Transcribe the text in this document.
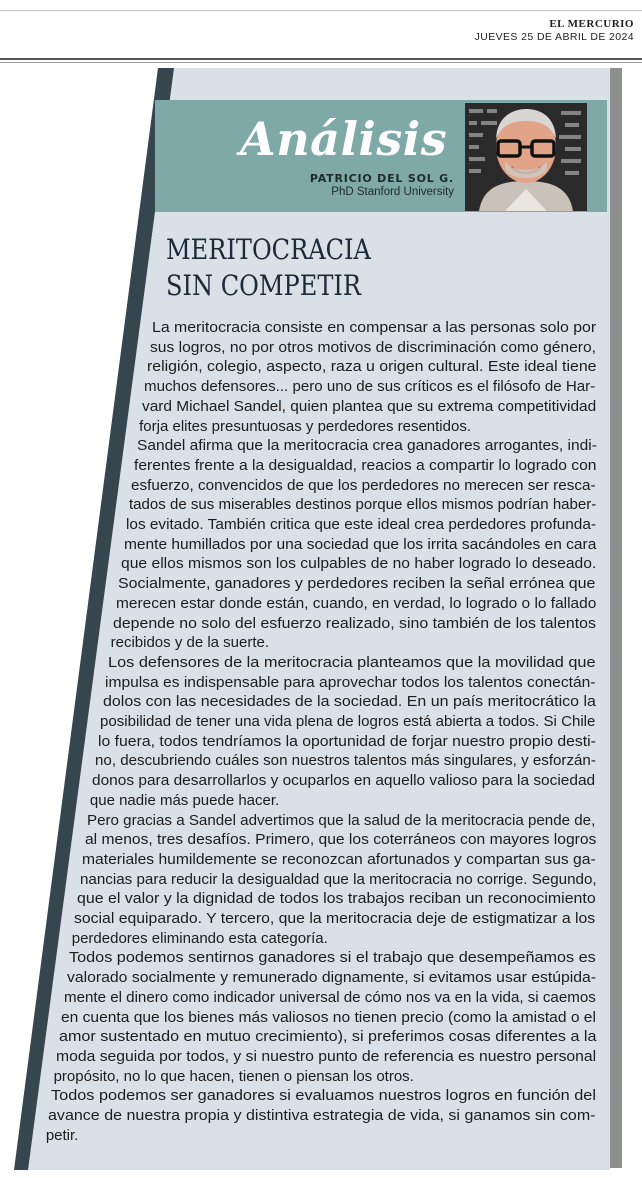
EL MERCURIO
JUEVES 25 DE ABRIL DE 2024
Análisis
PATRICIO DEL SOL G.
PhD Stanford University
MERITOCRACIA
SIN COMPETIR
La meritocracia consiste en compensar a las personas solo por
sus logros, no por otros motivos de discriminación como género,
religión, colegio, aspecto, raza u origen cultural. Este ideal tiene
muchos defensores... pero uno de sus críticos es el filósofo de Har-
vard Michael Sandel, quien plantea que su extrema competitividad
forja elites presuntuosas y perdedores resentidos.
Sandel afirma que la meritocracia crea ganadores arrogantes, indi-
ferentes frente a la desigualdad, reacios a compartir lo logrado con
esfuerzo, convencidos de que los perdedores no merecen ser resca-
tados de sus miserables destinos porque ellos mismos podrían haber-
los evitado. También critica que este ideal crea perdedores profunda-
mente humillados por una sociedad que los irrita sacándoles en cara
que ellos mismos son los culpables de no haber logrado lo deseado.
Socialmente, ganadores y perdedores reciben la señal errónea que
merecen estar donde están, cuando, en verdad, lo logrado o lo fallado
depende no solo del esfuerzo realizado, sino también de los talentos
recibidos y de la suerte.
Los defensores de la meritocracia planteamos que la movilidad que
impulsa es indispensable para aprovechar todos los talentos conectán-
dolos con las necesidades de la sociedad. En un país meritocrático la
posibilidad de tener una vida plena de logros está abierta a todos. Si Chile
lo fuera, todos tendríamos la oportunidad de forjar nuestro propio desti-
no, descubriendo cuáles son nuestros talentos más singulares, y esforzán-
donos para desarrollarlos y ocuparlos en aquello valioso para la sociedad
que nadie más puede hacer.
Pero gracias a Sandel advertimos que la salud de la meritocracia pende de,
al menos, tres desafíos. Primero, que los coterráneos con mayores logros
materiales humildemente se reconozcan afortunados y compartan sus ga-
nancias para reducir la desigualdad que la meritocracia no corrige. Segundo,
que el valor y la dignidad de todos los trabajos reciban un reconocimiento
social equiparado. Y tercero, que la meritocracia deje de estigmatizar a los
perdedores eliminando esta categoría.
Todos podemos sentirnos ganadores si el trabajo que desempeñamos es
valorado socialmente y remunerado dignamente, si evitamos usar estúpida-
mente el dinero como indicador universal de cómo nos va en la vida, si caemos
en cuenta que los bienes más valiosos no tienen precio (como la amistad o el
amor sustentado en mutuo crecimiento), si preferimos cosas diferentes a la
moda seguida por todos, y si nuestro punto de referencia es nuestro personal
propósito, no lo que hacen, tienen o piensan los otros.
Todos podemos ser ganadores si evaluamos nuestros logros en función del
avance de nuestra propia y distintiva estrategia de vida, si ganamos sin com-
petir.
